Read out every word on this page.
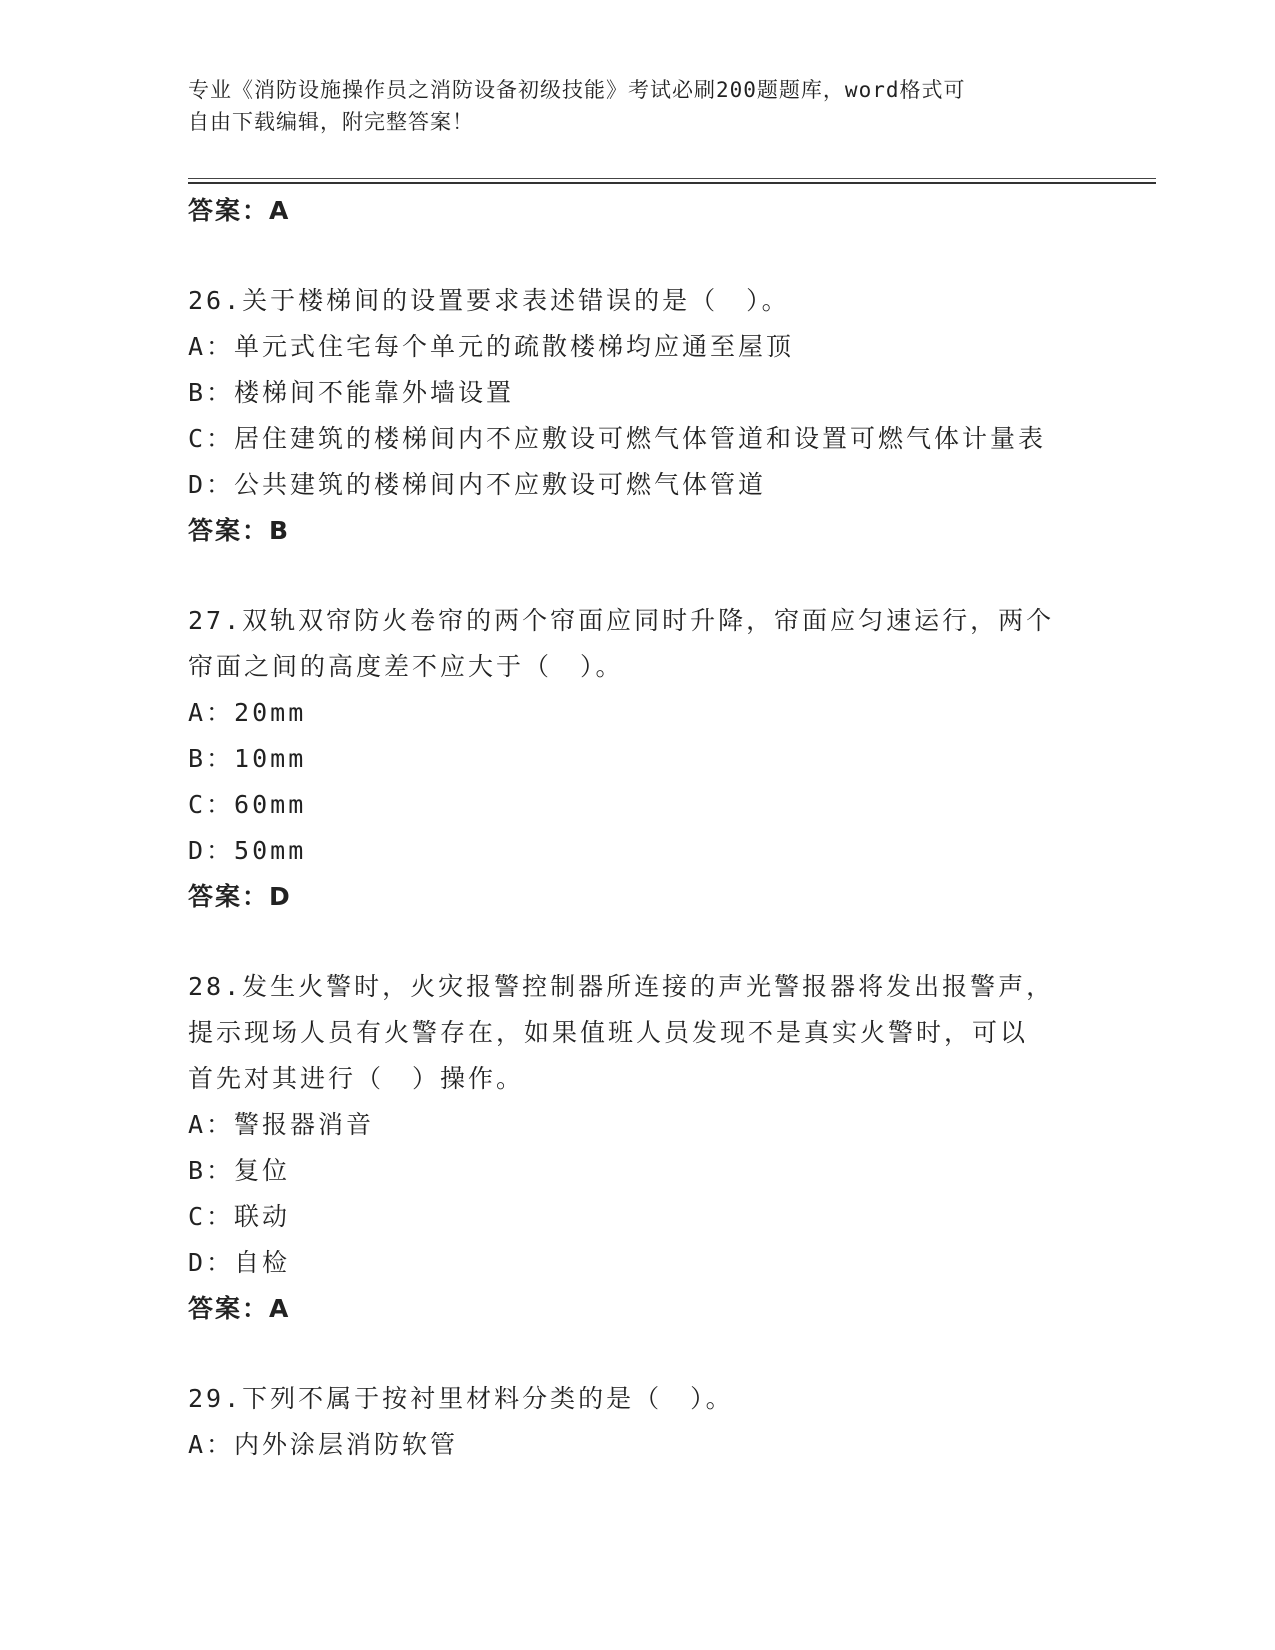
专业《消防设施操作员之消防设备初级技能》考试必刷200题题库，word格式可
自由下载编辑，附完整答案！
答案：A
26.关于楼梯间的设置要求表述错误的是（　）。
A：单元式住宅每个单元的疏散楼梯均应通至屋顶
B：楼梯间不能靠外墙设置
C：居住建筑的楼梯间内不应敷设可燃气体管道和设置可燃气体计量表
D：公共建筑的楼梯间内不应敷设可燃气体管道
答案：B
27.双轨双帘防火卷帘的两个帘面应同时升降，帘面应匀速运行，两个
帘面之间的高度差不应大于（　）。
A：20mm
B：10mm
C：60mm
D：50mm
答案：D
28.发生火警时，火灾报警控制器所连接的声光警报器将发出报警声，
提示现场人员有火警存在，如果值班人员发现不是真实火警时，可以
首先对其进行（　）操作。
A：警报器消音
B：复位
C：联动
D：自检
答案：A
29.下列不属于按衬里材料分类的是（　）。
A：内外涂层消防软管
